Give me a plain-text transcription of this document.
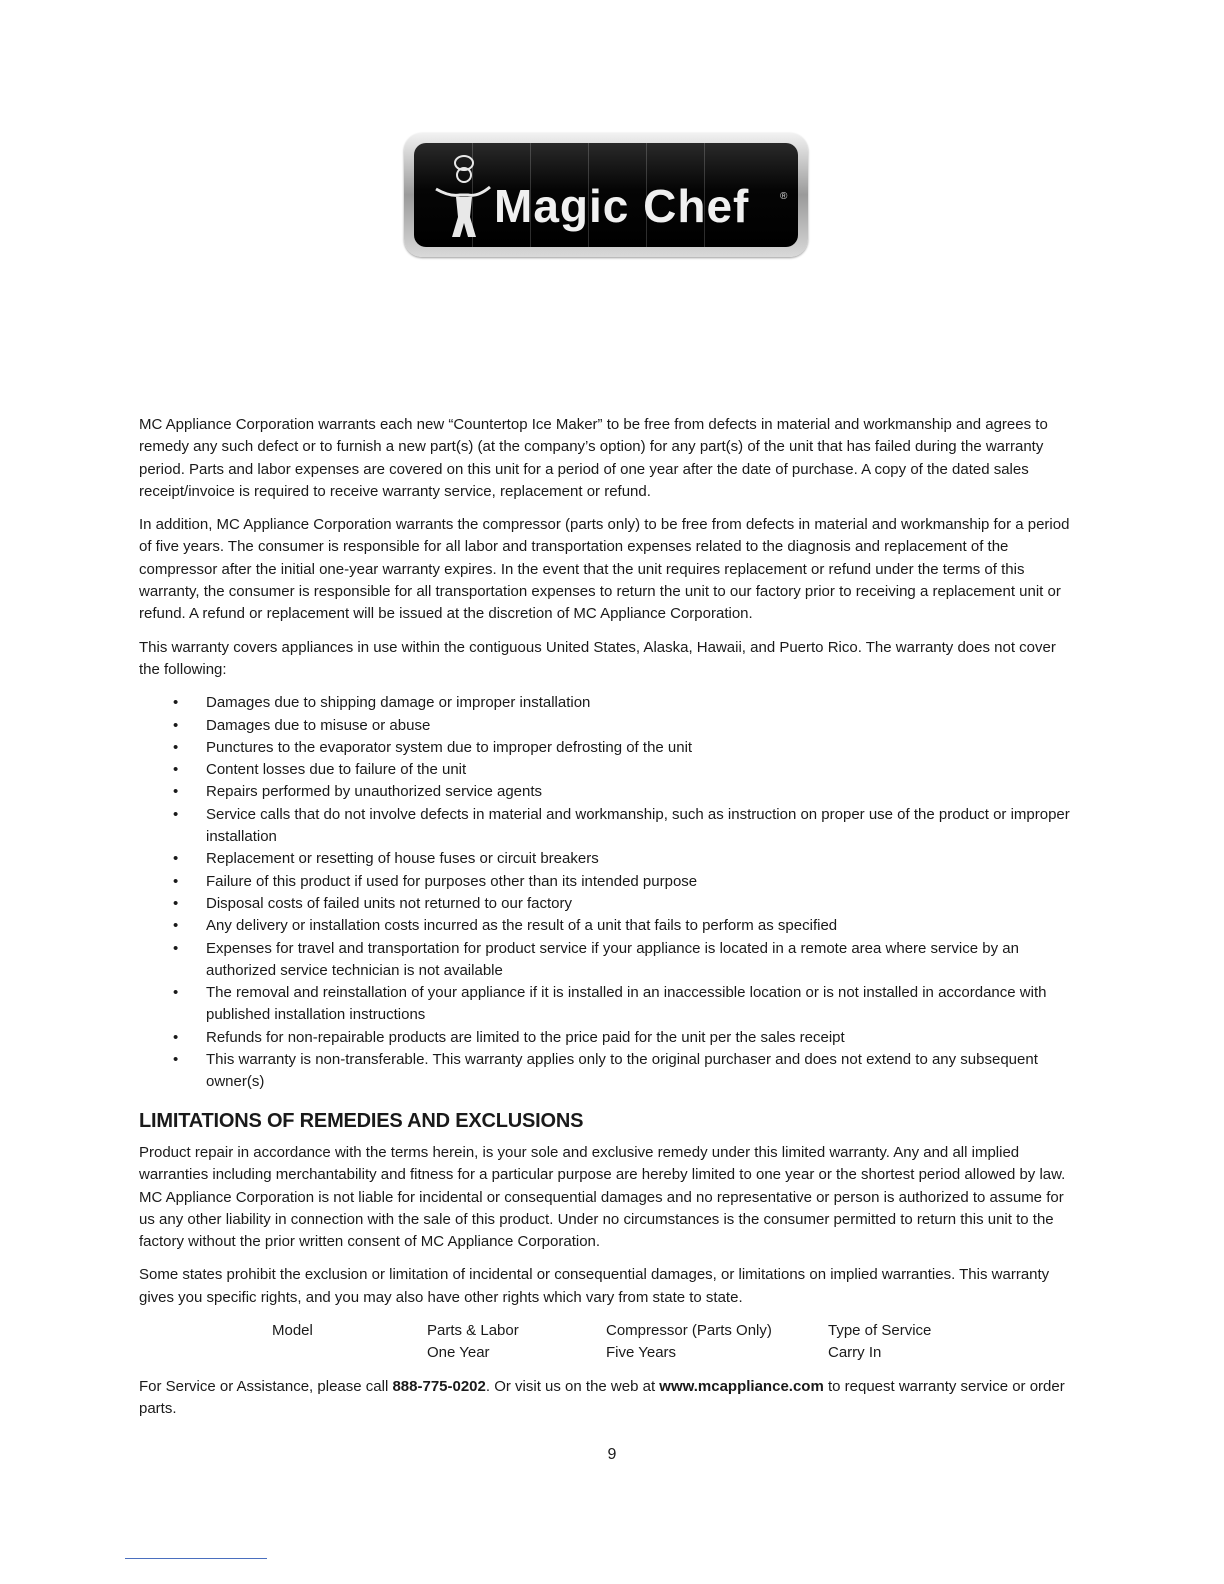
Magic Chef	®

MC Appliance Corporation warrants each new “Countertop Ice Maker” to be free from defects in material and workmanship and agrees to remedy any such defect or to furnish a new part(s) (at the company’s option) for any part(s) of the unit that has failed during the warranty period. Parts and labor expenses are covered on this unit for a period of one year after the date of purchase. A copy of the dated sales receipt/invoice is required to receive warranty service, replacement or refund.

In addition, MC Appliance Corporation warrants the compressor (parts only) to be free from defects in material and workmanship for a period of five years. The consumer is responsible for all labor and transportation expenses related to the diagnosis and replacement of the compressor after the initial one-year warranty expires. In the event that the unit requires replacement or refund under the terms of this warranty, the consumer is responsible for all transportation expenses to return the unit to our factory prior to receiving a replacement unit or refund. A refund or replacement will be issued at the discretion of MC Appliance Corporation.

This warranty covers appliances in use within the contiguous United States, Alaska, Hawaii, and Puerto Rico. The warranty does not cover the following:

• Damages due to shipping damage or improper installation
• Damages due to misuse or abuse
• Punctures to the evaporator system due to improper defrosting of the unit
• Content losses due to failure of the unit
• Repairs performed by unauthorized service agents
• Service calls that do not involve defects in material and workmanship, such as instruction on proper use of the product or improper installation
• Replacement or resetting of house fuses or circuit breakers
• Failure of this product if used for purposes other than its intended purpose
• Disposal costs of failed units not returned to our factory
• Any delivery or installation costs incurred as the result of a unit that fails to perform as specified
• Expenses for travel and transportation for product service if your appliance is located in a remote area where service by an authorized service technician is not available
• The removal and reinstallation of your appliance if it is installed in an inaccessible location or is not installed in accordance with published installation instructions
• Refunds for non-repairable products are limited to the price paid for the unit per the sales receipt
• This warranty is non-transferable. This warranty applies only to the original purchaser and does not extend to any subsequent owner(s)
LIMITATIONS OF REMEDIES AND EXCLUSIONS

Product repair in accordance with the terms herein, is your sole and exclusive remedy under this limited warranty. Any and all implied warranties including merchantability and fitness for a particular purpose are hereby limited to one year or the shortest period allowed by law. MC Appliance Corporation is not liable for incidental or consequential damages and no representative or person is authorized to assume for us any other liability in connection with the sale of this product. Under no circumstances is the consumer permitted to return this unit to the factory without the prior written consent of MC Appliance Corporation.

Some states prohibit the exclusion or limitation of incidental or consequential damages, or limitations on implied warranties. This warranty gives you specific rights, and you may also have other rights which vary from state to state.

	Model	Parts & Labor	Compressor (Parts Only)	Type of Service
		One Year	Five Years	Carry In

For Service or Assistance, please call 888-775-0202. Or visit us on the web at www.mcappliance.com to request warranty service or order parts.

9
